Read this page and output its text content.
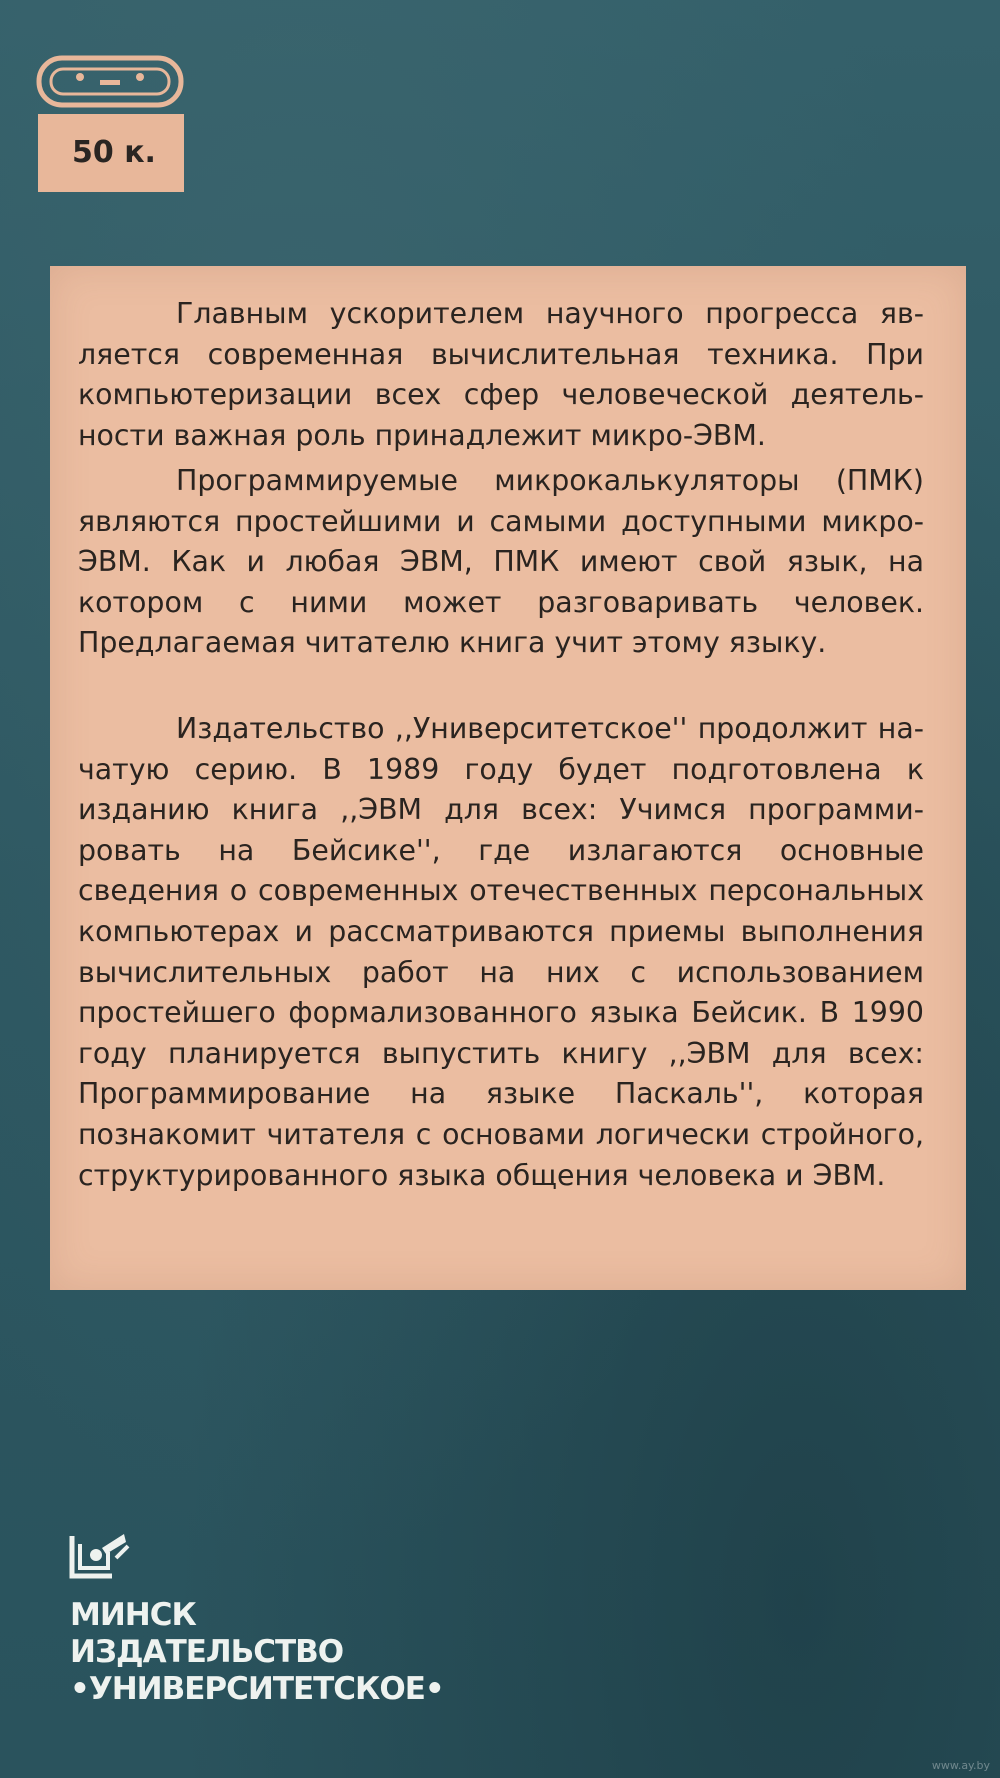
50 к.

Главным ускорителем научного прогресса является современная вычислительная техника. При компьютеризации всех сфер человеческой деятельности важная роль принадлежит микро-ЭВМ.

Программируемые микрокалькуляторы (ПМК) являются простейшими и самыми доступными микро-ЭВМ. Как и любая ЭВМ, ПМК имеют свой язык, на котором с ними может разговаривать человек. Предлагаемая читателю книга учит этому языку.

Издательство ,,Университетское'' продолжит начатую серию. В 1989 году будет подготовлена к изданию книга ,,ЭВМ для всех: Учимся программировать на Бейсике'', где излагаются основные сведения о современных отечественных персональных компьютерах и рассматриваются приемы выполнения вычислительных работ на них с использованием простейшего формализованного языка Бейсик. В 1990 году планируется выпустить книгу ,,ЭВМ для всех: Программирование на языке Паскаль'', которая познакомит читателя с основами логически стройного, структурированного языка общения человека и ЭВМ.

МИНСК
ИЗДАТЕЛЬСТВО
•УНИВЕРСИТЕТСКОЕ•
www.ay.by
